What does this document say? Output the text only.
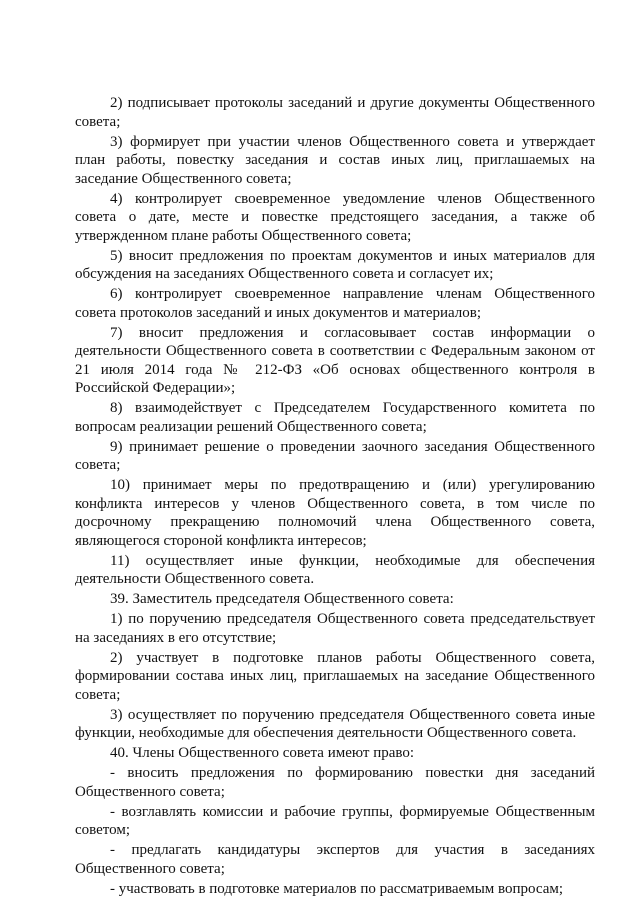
2) подписывает протоколы заседаний и другие документы Общественного совета;

3) формирует при участии членов Общественного совета и утверждает план работы, повестку заседания и состав иных лиц, приглашаемых на заседание Общественного совета;

4) контролирует своевременное уведомление членов Общественного совета о дате, месте и повестке предстоящего заседания, а также об утвержденном плане работы Общественного совета;

5) вносит предложения по проектам документов и иных материалов для обсуждения на заседаниях Общественного совета и согласует их;

6) контролирует своевременное направление членам Общественного совета протоколов заседаний и иных документов и материалов;

7) вносит предложения и согласовывает состав информации о деятельности Общественного совета в соответствии с Федеральным законом от 21 июля 2014 года № 212-ФЗ «Об основах общественного контроля в Российской Федерации»;

8) взаимодействует с Председателем Государственного комитета по вопросам реализации решений Общественного совета;

9) принимает решение о проведении заочного заседания Общественного совета;

10) принимает меры по предотвращению и (или) урегулированию конфликта интересов у членов Общественного совета, в том числе по досрочному прекращению полномочий члена Общественного совета, являющегося стороной конфликта интересов;

11) осуществляет иные функции, необходимые для обеспечения деятельности Общественного совета.

39. Заместитель председателя Общественного совета:

1) по поручению председателя Общественного совета председательствует на заседаниях в его отсутствие;

2) участвует в подготовке планов работы Общественного совета, формировании состава иных лиц, приглашаемых на заседание Общественного совета;

3) осуществляет по поручению председателя Общественного совета иные функции, необходимые для обеспечения деятельности Общественного совета.

40. Члены Общественного совета имеют право:

- вносить предложения по формированию повестки дня заседаний Общественного совета;

- возглавлять комиссии и рабочие группы, формируемые Общественным советом;

- предлагать кандидатуры экспертов для участия в заседаниях Общественного совета;

- участвовать в подготовке материалов по рассматриваемым вопросам;
